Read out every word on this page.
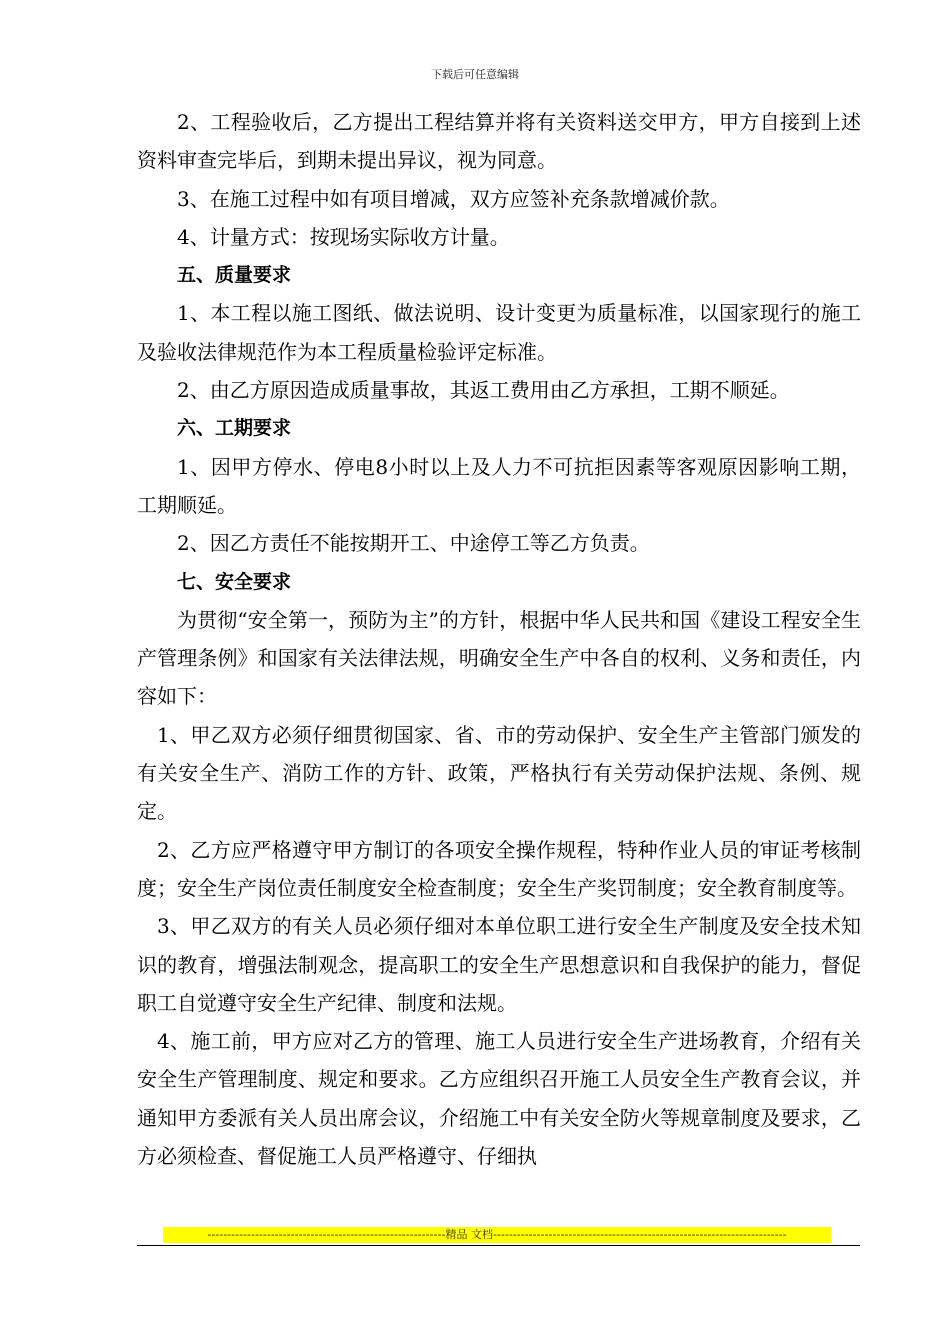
下载后可任意编辑

2、工程验收后，乙方提出工程结算并将有关资料送交甲方，甲方自接到上述资料审查完毕后，到期未提出异议，视为同意。

3、在施工过程中如有项目增减，双方应签补充条款增减价款。

4、计量方式：按现场实际收方计量。

五、质量要求

1、本工程以施工图纸、做法说明、设计变更为质量标准，以国家现行的施工及验收法律规范作为本工程质量检验评定标准。

2、由乙方原因造成质量事故，其返工费用由乙方承担，工期不顺延。

六、工期要求

1、因甲方停水、停电8小时以上及人力不可抗拒因素等客观原因影响工期，工期顺延。

2、因乙方责任不能按期开工、中途停工等乙方负责。

七、安全要求

为贯彻“安全第一，预防为主”的方针，根据中华人民共和国《建设工程安全生产管理条例》和国家有关法律法规，明确安全生产中各自的权利、义务和责任，内容如下：

1、甲乙双方必须仔细贯彻国家、省、市的劳动保护、安全生产主管部门颁发的有关安全生产、消防工作的方针、政策，严格执行有关劳动保护法规、条例、规定。

2、乙方应严格遵守甲方制订的各项安全操作规程，特种作业人员的审证考核制度；安全生产岗位责任制度安全检查制度；安全生产奖罚制度；安全教育制度等。

3、甲乙双方的有关人员必须仔细对本单位职工进行安全生产制度及安全技术知识的教育，增强法制观念，提高职工的安全生产思想意识和自我保护的能力，督促职工自觉遵守安全生产纪律、制度和法规。

4、施工前，甲方应对乙方的管理、施工人员进行安全生产进场教育，介绍有关安全生产管理制度、规定和要求。乙方应组织召开施工人员安全生产教育会议，并通知甲方委派有关人员出席会议，介绍施工中有关安全防火等规章制度及要求，乙方必须检查、督促施工人员严格遵守、仔细执

------------------------------------------------------------精品 文档--------------------------------------------------------------------------
